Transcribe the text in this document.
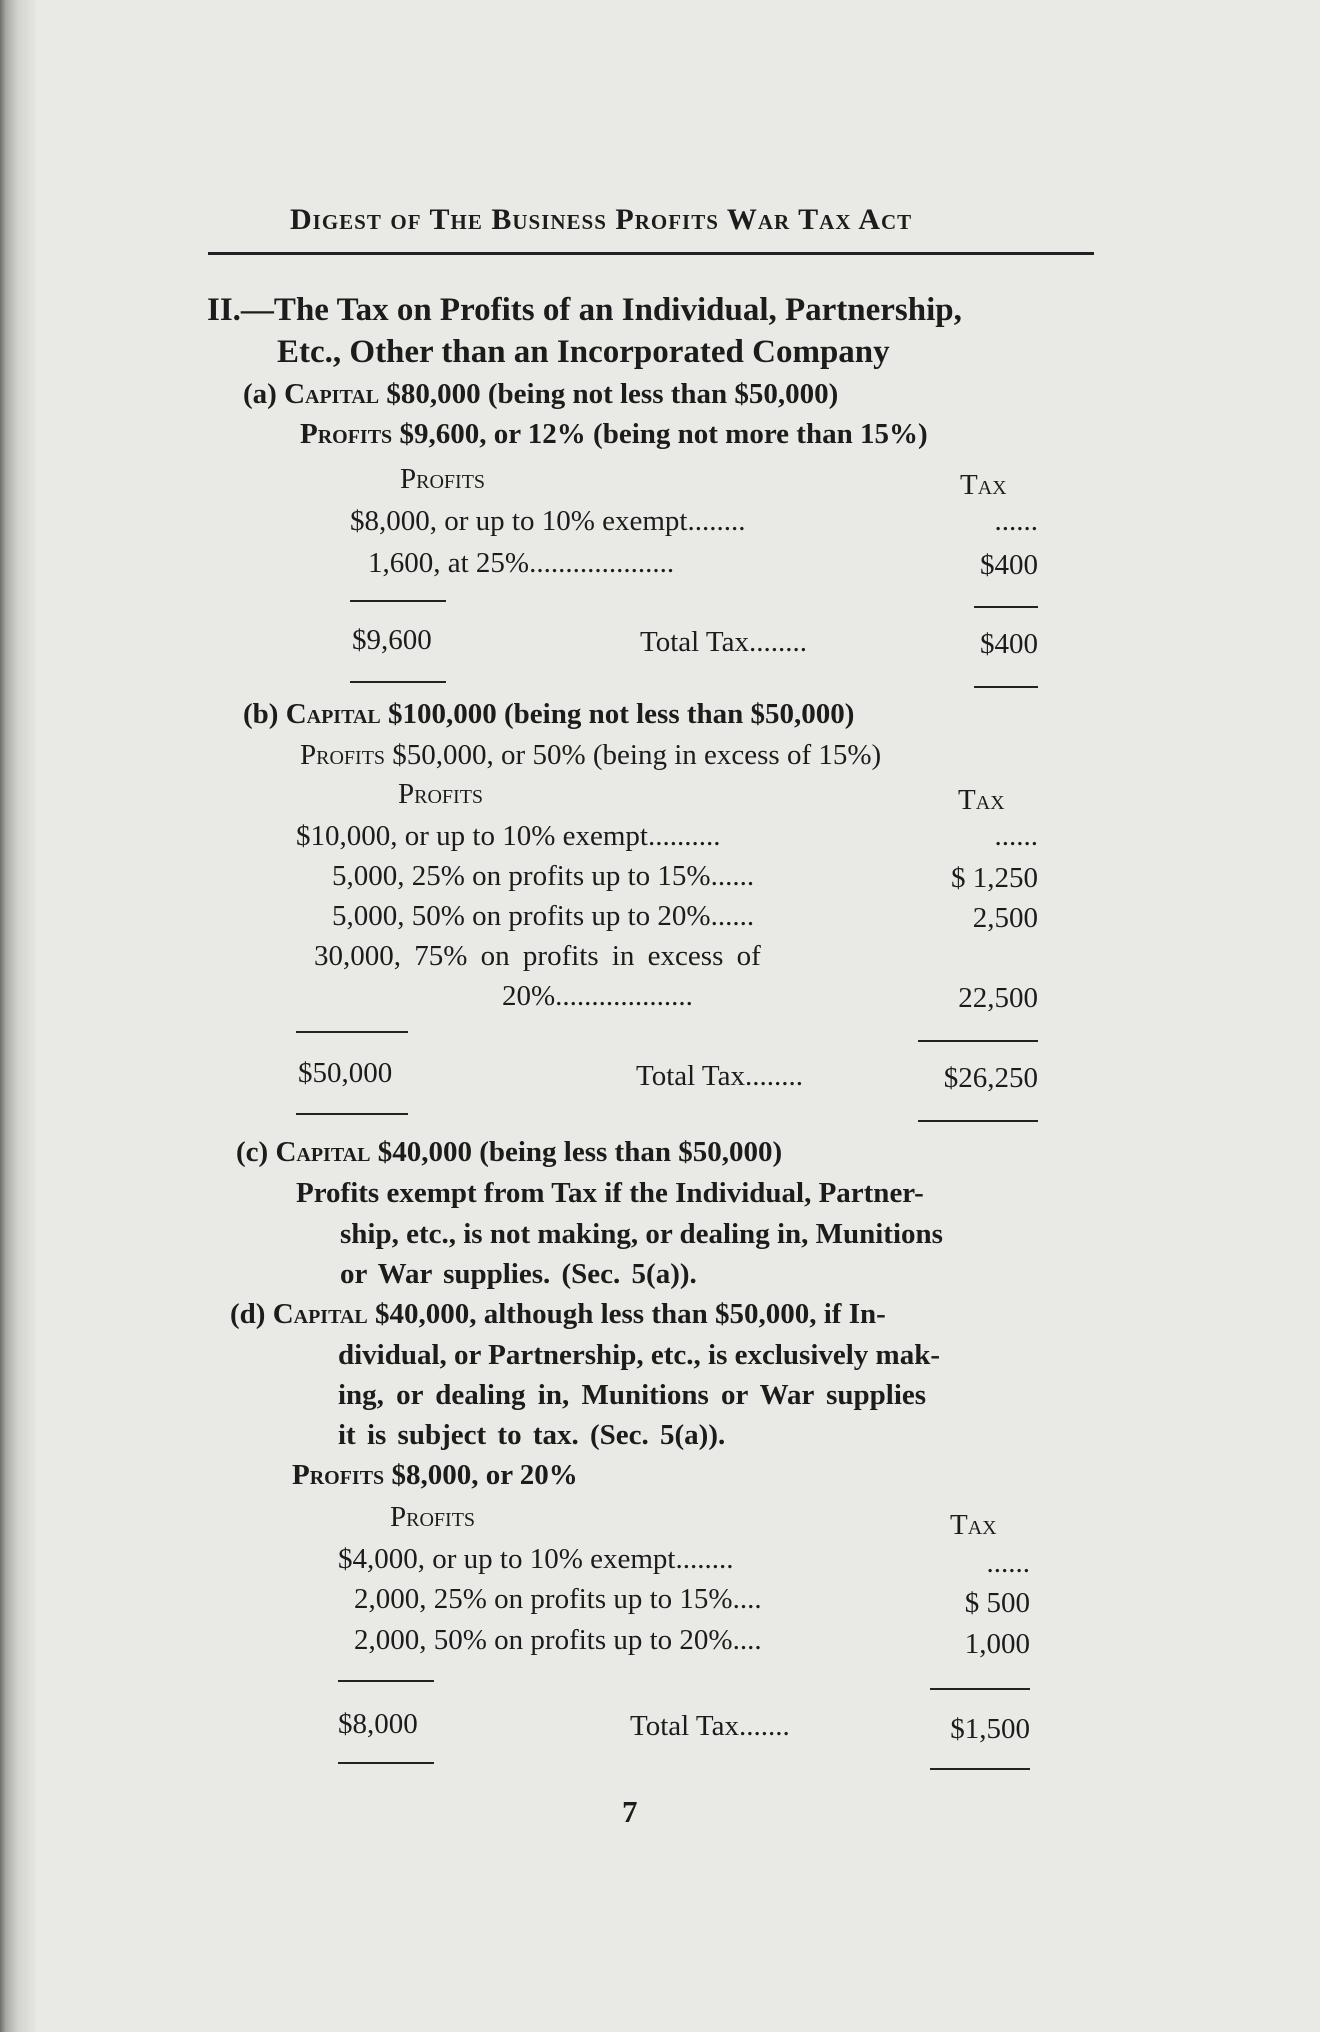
Digest of The Business Profits War Tax Act
II.—The Tax on Profits of an Individual, Partnership,
Etc., Other than an Incorporated Company
(a) Capital $80,000 (being not less than $50,000)
Profits $9,600, or 12% (being not more than 15%)
Profits	Tax
$8,000, or up to 10% exempt........	......
1,600, at 25%....................	$400
$9,600	Total Tax........	$400
(b) Capital $100,000 (being not less than $50,000)
Profits $50,000, or 50% (being in excess of 15%)
Profits	Tax
$10,000, or up to 10% exempt..........	......
5,000, 25% on profits up to 15%......	$ 1,250
5,000, 50% on profits up to 20%......	2,500
30,000, 75% on profits in excess of
20%...................	22,500
$50,000	Total Tax........	$26,250
(c) Capital $40,000 (being less than $50,000)
Profits exempt from Tax if the Individual, Partner-
ship, etc., is not making, or dealing in, Munitions
or War supplies. (Sec. 5(a)).
(d) Capital $40,000, although less than $50,000, if In-
dividual, or Partnership, etc., is exclusively mak-
ing, or dealing in, Munitions or War supplies
it is subject to tax. (Sec. 5(a)).
Profits $8,000, or 20%
Profits	Tax
$4,000, or up to 10% exempt........	......
2,000, 25% on profits up to 15%....	$ 500
2,000, 50% on profits up to 20%....	1,000
$8,000	Total Tax.......	$1,500
7
